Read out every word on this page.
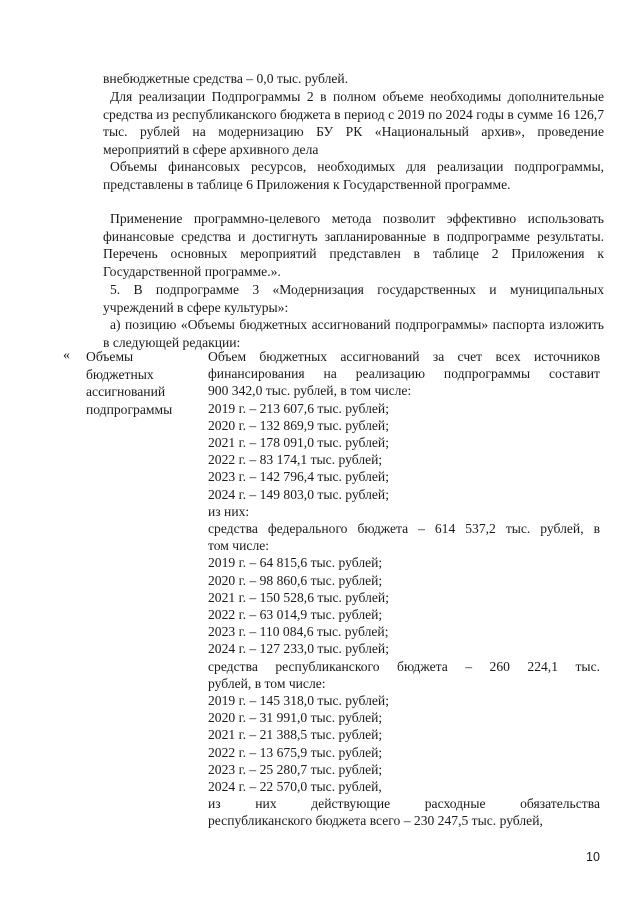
внебюджетные средства – 0,0 тыс. рублей.
Для реализации Подпрограммы 2 в полном объеме необходимы дополнительные средства из республиканского бюджета в период с 2019 по 2024 годы в сумме 16 126,7 тыс. рублей на модернизацию БУ РК «Национальный архив», проведение мероприятий в сфере архивного дела
Объемы финансовых ресурсов, необходимых для реализации подпрограммы, представлены в таблице 6 Приложения к Государственной программе.
Применение программно-целевого метода позволит эффективно использовать финансовые средства и достигнуть запланированные в подпрограмме результаты. Перечень основных мероприятий представлен в таблице 2 Приложения к Государственной программе.».
5. В подпрограмме 3 «Модернизация государственных и муниципальных учреждений в сфере культуры»:
а) позицию «Объемы бюджетных ассигнований подпрограммы» паспорта изложить в следующей редакции:
« Объемы
бюджетных
ассигнований
подпрограммы
Объем бюджетных ассигнований за счет всех источников
финансирования на реализацию подпрограммы составит
900 342,0 тыс. рублей, в том числе:
2019 г. – 213 607,6 тыс. рублей;
2020 г. – 132 869,9 тыс. рублей;
2021 г. – 178 091,0 тыс. рублей;
2022 г. – 83 174,1 тыс. рублей;
2023 г. – 142 796,4 тыс. рублей;
2024 г. – 149 803,0 тыс. рублей;
из них:
средства федерального бюджета – 614 537,2 тыс. рублей, в
том числе:
2019 г. – 64 815,6 тыс. рублей;
2020 г. – 98 860,6 тыс. рублей;
2021 г. – 150 528,6 тыс. рублей;
2022 г. – 63 014,9 тыс. рублей;
2023 г. – 110 084,6 тыс. рублей;
2024 г. – 127 233,0 тыс. рублей;
средства республиканского бюджета – 260 224,1 тыс.
рублей, в том числе:
2019 г. – 145 318,0 тыс. рублей;
2020 г. – 31 991,0 тыс. рублей;
2021 г. – 21 388,5 тыс. рублей;
2022 г. – 13 675,9 тыс. рублей;
2023 г. – 25 280,7 тыс. рублей;
2024 г. – 22 570,0 тыс. рублей,
из них действующие расходные обязательства
республиканского бюджета всего – 230 247,5 тыс. рублей,
10
